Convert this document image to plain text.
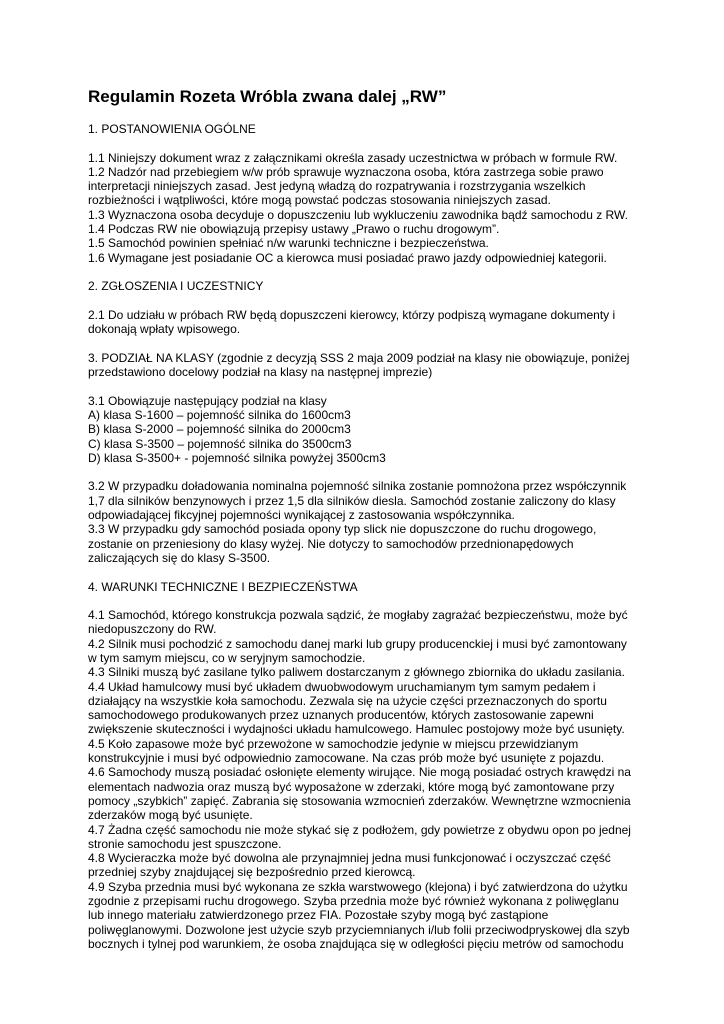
Regulamin Rozeta Wróbla zwana dalej „RW”
1. POSTANOWIENIA OGÓLNE
1.1 Niniejszy dokument wraz z załącznikami określa zasady uczestnictwa w próbach w formule RW.
1.2 Nadzór nad przebiegiem w/w prób sprawuje wyznaczona osoba, która zastrzega sobie prawo
interpretacji niniejszych zasad. Jest jedyną władzą do rozpatrywania i rozstrzygania wszelkich
rozbieżności i wątpliwości, które mogą powstać podczas stosowania niniejszych zasad.
1.3 Wyznaczona osoba decyduje o dopuszczeniu lub wykluczeniu zawodnika bądź samochodu z RW.
1.4 Podczas RW nie obowiązują przepisy ustawy „Prawo o ruchu drogowym”.
1.5 Samochód powinien spełniać n/w warunki techniczne i bezpieczeństwa.
1.6 Wymagane jest posiadanie OC a kierowca musi posiadać prawo jazdy odpowiedniej kategorii.
2. ZGŁOSZENIA I UCZESTNICY
2.1 Do udziału w próbach RW będą dopuszczeni kierowcy, którzy podpiszą wymagane dokumenty i
dokonają wpłaty wpisowego.
3. PODZIAŁ NA KLASY (zgodnie z decyzją SSS 2 maja 2009 podział na klasy nie obowiązuje, poniżej
przedstawiono docelowy podział na klasy na następnej imprezie)
3.1 Obowiązuje następujący podział na klasy
A) klasa S-1600 – pojemność silnika do 1600cm3
B) klasa S-2000 – pojemność silnika do 2000cm3
C) klasa S-3500 – pojemność silnika do 3500cm3
D) klasa S-3500+ - pojemność silnika powyżej 3500cm3
3.2 W przypadku doładowania nominalna pojemność silnika zostanie pomnożona przez współczynnik
1,7 dla silników benzynowych i przez 1,5 dla silników diesla. Samochód zostanie zaliczony do klasy
odpowiadającej fikcyjnej pojemności wynikającej z zastosowania współczynnika.
3.3 W przypadku gdy samochód posiada opony typ slick nie dopuszczone do ruchu drogowego,
zostanie on przeniesiony do klasy wyżej. Nie dotyczy to samochodów przednionapędowych
zaliczających się do klasy S-3500.
4. WARUNKI TECHNICZNE I BEZPIECZEŃSTWA
4.1 Samochód, którego konstrukcja pozwala sądzić, że mogłaby zagrażać bezpieczeństwu, może być
niedopuszczony do RW.
4.2 Silnik musi pochodzić z samochodu danej marki lub grupy producenckiej i musi być zamontowany
w tym samym miejscu, co w seryjnym samochodzie.
4.3 Silniki muszą być zasilane tylko paliwem dostarczanym z głównego zbiornika do układu zasilania.
4.4 Układ hamulcowy musi być układem dwuobwodowym uruchamianym tym samym pedałem i
działający na wszystkie koła samochodu. Zezwala się na użycie części przeznaczonych do sportu
samochodowego produkowanych przez uznanych producentów, których zastosowanie zapewni
zwiększenie skuteczności i wydajności układu hamulcowego. Hamulec postojowy może być usunięty.
4.5 Koło zapasowe może być przewożone w samochodzie jedynie w miejscu przewidzianym
konstrukcyjnie i musi być odpowiednio zamocowane. Na czas prób może być usunięte z pojazdu.
4.6 Samochody muszą posiadać osłonięte elementy wirujące. Nie mogą posiadać ostrych krawędzi na
elementach nadwozia oraz muszą być wyposażone w zderzaki, które mogą być zamontowane przy
pomocy „szybkich” zapięć. Zabrania się stosowania wzmocnień zderzaków. Wewnętrzne wzmocnienia
zderzaków mogą być usunięte.
4.7 Żadna część samochodu nie może stykać się z podłożem, gdy powietrze z obydwu opon po jednej
stronie samochodu jest spuszczone.
4.8 Wycieraczka może być dowolna ale przynajmniej jedna musi funkcjonować i oczyszczać część
przedniej szyby znajdującej się bezpośrednio przed kierowcą.
4.9 Szyba przednia musi być wykonana ze szkła warstwowego (klejona) i być zatwierdzona do użytku
zgodnie z przepisami ruchu drogowego. Szyba przednia może być również wykonana z poliwęglanu
lub innego materiału zatwierdzonego przez FIA. Pozostałe szyby mogą być zastąpione
poliwęglanowymi. Dozwolone jest użycie szyb przyciemnianych i/lub folii przeciwodpryskowej dla szyb
bocznych i tylnej pod warunkiem, że osoba znajdująca się w odległości pięciu metrów od samochodu
